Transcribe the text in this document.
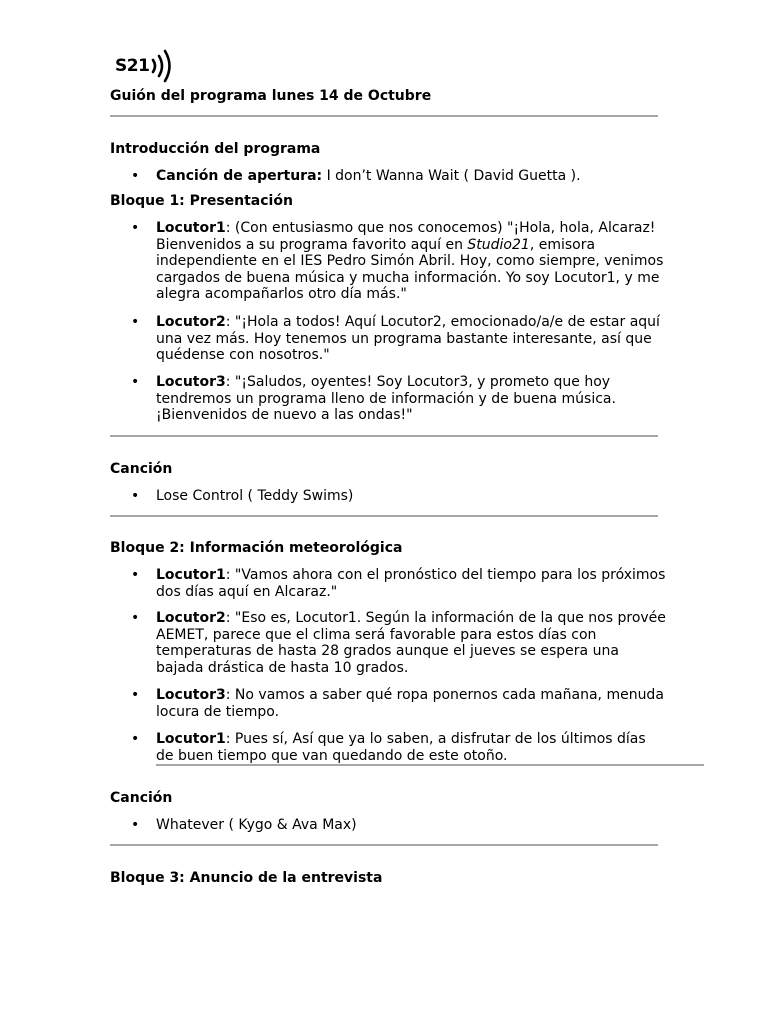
S21
Guión del programa lunes 14 de Octubre
Introducción del programa
• Canción de apertura: I don’t Wanna Wait ( David Guetta ).
Bloque 1: Presentación
• Locutor1: (Con entusiasmo que nos conocemos) "¡Hola, hola, Alcaraz! Bienvenidos a su programa favorito aquí en Studio21, emisora independiente en el IES Pedro Simón Abril. Hoy, como siempre, venimos cargados de buena música y mucha información. Yo soy Locutor1, y me alegra acompañarlos otro día más."
• Locutor2: "¡Hola a todos! Aquí Locutor2, emocionado/a/e de estar aquí una vez más. Hoy tenemos un programa bastante interesante, así que quédense con nosotros."
• Locutor3: "¡Saludos, oyentes! Soy Locutor3, y prometo que hoy tendremos un programa lleno de información y de buena música. ¡Bienvenidos de nuevo a las ondas!"
Canción
• Lose Control ( Teddy Swims)
Bloque 2: Información meteorológica
• Locutor1: "Vamos ahora con el pronóstico del tiempo para los próximos dos días aquí en Alcaraz."
• Locutor2: "Eso es, Locutor1. Según la información de la que nos provée AEMET, parece que el clima será favorable para estos días con temperaturas de hasta 28 grados aunque el jueves se espera una bajada drástica de hasta 10 grados.
• Locutor3: No vamos a saber qué ropa ponernos cada mañana, menuda locura de tiempo.
• Locutor1: Pues sí, Así que ya lo saben, a disfrutar de los últimos días de buen tiempo que van quedando de este otoño.
Canción
• Whatever ( Kygo & Ava Max)
Bloque 3: Anuncio de la entrevista
